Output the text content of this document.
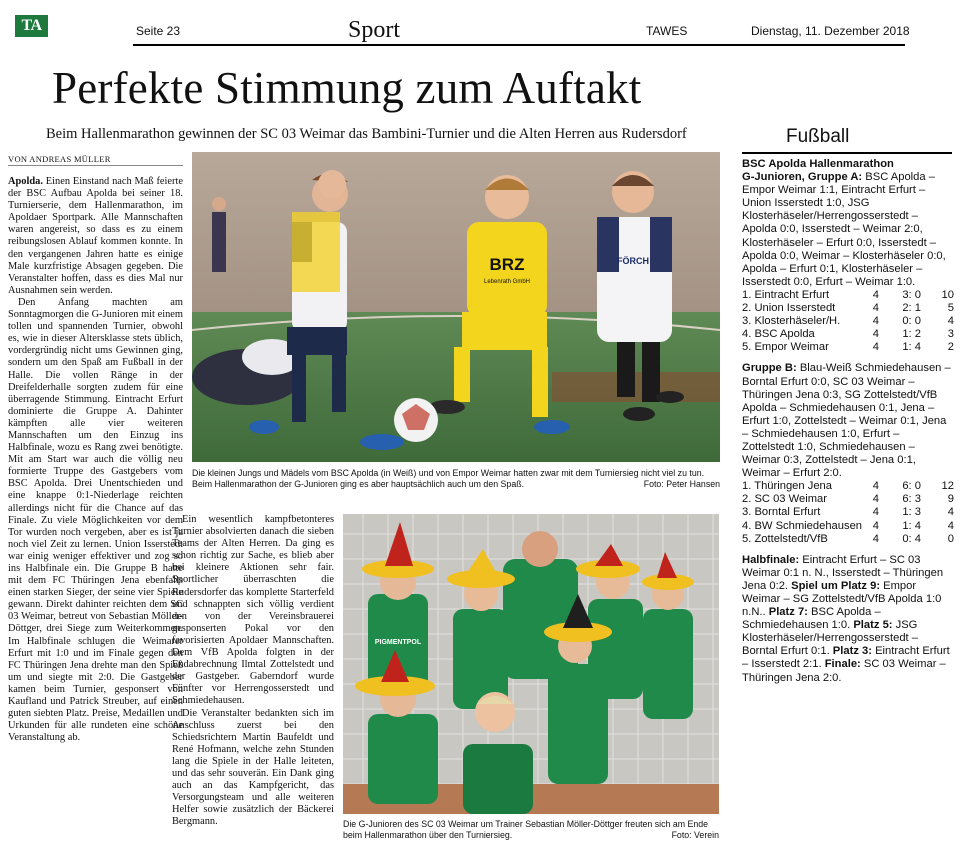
TA	Seite 23	Sport	TAWES	Dienstag, 11. Dezember 2018
Perfekte Stimmung zum Auftakt
Beim Hallenmarathon gewinnen der SC 03 Weimar das Bambini-Turnier und die Alten Herren aus Rudersdorf
VON ANDREAS MÜLLER

Apolda. Einen Einstand nach Maß feierte der BSC Aufbau Apolda bei seiner 18. Turnierserie, dem Hallenmarathon, im Apoldaer Sportpark. Alle Mannschaften waren angereist, so dass es zu einem reibungslosen Ablauf kommen konnte. In den vergangenen Jahren hatte es einige Male kurzfristige Absagen gegeben. Die Veranstalter hoffen, dass es dies Mal nur Ausnahmen sein werden.

Den Anfang machten am Sonntagmorgen die G-Junioren mit einem tollen und spannenden Turnier, obwohl es, wie in dieser Altersklasse stets üblich, vordergründig nicht ums Gewinnen ging, sondern um den Spaß am Fußball in der Halle. Die vollen Ränge in der Dreifelderhalle sorgten zudem für eine überragende Stimmung. Eintracht Erfurt dominierte die Gruppe A. Dahinter kämpften alle vier weiteren Mannschaften um den Einzug ins Halbfinale, wozu es Rang zwei benötigte. Mit am Start war auch die völlig neu formierte Truppe des Gastgebers vom BSC Apolda. Drei Unentschieden und eine knappe 0:1-Niederlage reichten allerdings nicht für die Chance auf das Finale. Zu viele Möglichkeiten vor dem Tor wurden noch vergeben, aber es ist ja noch viel Zeit zu lernen. Union Isserstedt war einig weniger effektiver und zog so ins Halbfinale ein. Die Gruppe B hatte mit dem FC Thüringen Jena ebenfalls einen starken Sieger, der seine vier Spiele gewann. Direkt dahinter reichten dem SC 03 Weimar, betreut von Sebastian Möller-Döttger, drei Siege zum Weiterkommen. Im Halbfinale schlugen die Weimarer Erfurt mit 1:0 und im Finale gegen den FC Thüringen Jena drehte man den Spieß um und siegte mit 2:0. Die Gastgeber kamen beim Turnier, gesponsert von Kaufland und Patrick Streuber, auf einen guten siebten Platz. Preise, Medaillen und Urkunden für alle rundeten eine schöne Veranstaltung ab.

BRZ
Lebenrath GmbH
FÖRCH
Die kleinen Jungs und Mädels vom BSC Apolda (in Weiß) und von Empor Weimar hatten zwar mit dem Turniersieg nicht viel zu tun. Beim Hallenmarathon der G-Junioren ging es aber hauptsächlich auch um den Spaß.	Foto: Peter Hansen

Ein wesentlich kampfbetonteres Turnier absolvierten danach die sieben Teams der Alten Herren. Da ging es schon richtig zur Sache, es blieb aber bei kleinere Aktionen sehr fair. Sportlicher überraschten die Rudersdorfer das komplette Starterfeld und schnappten sich völlig verdient den von der Vereinsbrauerei gesponserten Pokal vor den favorisierten Apoldaer Mannschaften. Dem VfB Apolda folgten in der Endabrechnung Ilmtal Zottelstedt und der Gastgeber. Gaberndorf wurde Fünfter vor Herrengosserstedt und Schmiedehausen.

Die Veranstalter bedankten sich im Anschluss zuerst bei den Schiedsrichtern Martin Baufeldt und René Hofmann, welche zehn Stunden lang die Spiele in der Halle leiteten, und das sehr souverän. Ein Dank ging auch an das Kampfgericht, das Versorgungsteam und alle weiteren Helfer sowie zusätzlich der Bäckerei Bergmann.

PIGMENTPOL
Die G-Junioren des SC 03 Weimar um Trainer Sebastian Möller-Döttger freuten sich am Ende beim Hallenmarathon über den Turniersieg.	Foto: Verein
Fußball

BSC Apolda Hallenmarathon

G-Junioren, Gruppe A: BSC Apolda – Empor Weimar 1:1, Eintracht Erfurt – Union Isserstedt 1:0, JSG Klosterhäseler/Herrengosserstedt – Apolda 0:0, Isserstedt – Weimar 2:0, Klosterhäseler – Erfurt 0:0, Isserstedt – Apolda 0:0, Weimar – Klosterhäseler 0:0, Apolda – Erfurt 0:1, Klosterhäseler – Isserstedt 0:0, Erfurt – Weimar 1:0.

1. Eintracht Erfurt	4	3: 0	10
2. Union Isserstedt	4	2: 1	5
3. Klosterhäseler/H.	4	0: 0	4
4. BSC Apolda	4	1: 2	3
5. Empor Weimar	4	1: 4	2

Gruppe B: Blau-Weiß Schmiedehausen – Borntal Erfurt 0:0, SC 03 Weimar – Thüringen Jena 0:3, SG Zottelstedt/VfB Apolda – Schmiedehausen 0:1, Jena – Erfurt 1:0, Zottelstedt – Weimar 0:1, Jena – Schmiedehausen 1:0, Erfurt – Zottelstedt 1:0, Schmiedehausen – Weimar 0:3, Zottelstedt – Jena 0:1, Weimar – Erfurt 2:0.

1. Thüringen Jena	4	6: 0	12
2. SC 03 Weimar	4	6: 3	9
3. Borntal Erfurt	4	1: 3	4
4. BW Schmiedehausen	4	1: 4	4
5. Zottelstedt/VfB	4	0: 4	0

Halbfinale: Eintracht Erfurt – SC 03 Weimar 0:1 n. N., Isserstedt – Thüringen Jena 0:2. Spiel um Platz 9: Empor Weimar – SG Zottelstedt/VfB Apolda 1:0 n.N.. Platz 7: BSC Apolda – Schmiedehausen 1:0. Platz 5: JSG Klosterhäseler/Herrengosserstedt – Borntal Erfurt 0:1. Platz 3: Eintracht Erfurt – Isserstedt 2:1. Finale: SC 03 Weimar – Thüringen Jena 2:0.
